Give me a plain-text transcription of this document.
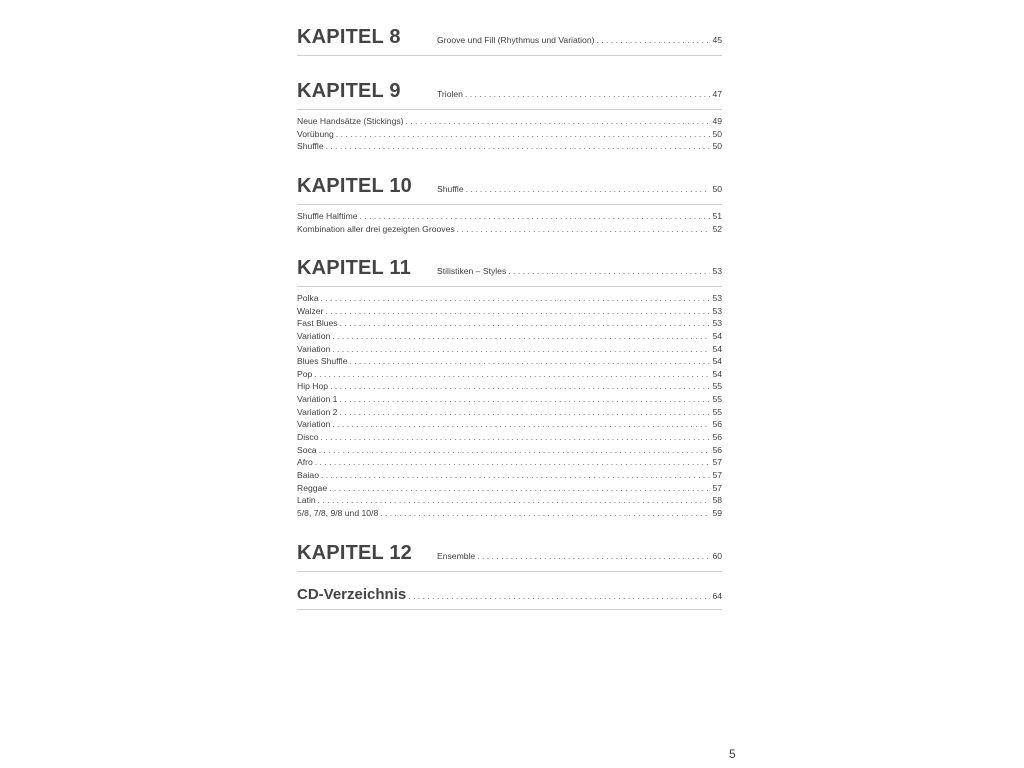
KAPITEL 8	Groove und Fill (Rhythmus und Variation) . . .	45
KAPITEL 9	Triolen . . .	47
Neue Handsätze (Stickings) . . .	49
Vorübung . . .	50
Shuffle . . .	50
KAPITEL 10	Shuffle . . .	50
Shuffle Halftime . . .	51
Kombination aller drei gezeigten Grooves . . .	52
KAPITEL 11	Stilistiken – Styles . . .	53
Polka . . .	53
Walzer . . .	53
Fast Blues . . .	53
Variation . . .	54
Variation . . .	54
Blues Shuffle . . .	54
Pop . . .	54
Hip Hop . . .	55
Variation 1 . . .	55
Variation 2 . . .	55
Variation . . .	56
Disco . . .	56
Soca . . .	56
Afro . . .	57
Baiao . . .	57
Reggae . . .	57
Latin . . .	58
5/8, 7/8, 9/8 und 10/8 . . .	59
KAPITEL 12	Ensemble . . .	60
CD-Verzeichnis . . .	64
5
